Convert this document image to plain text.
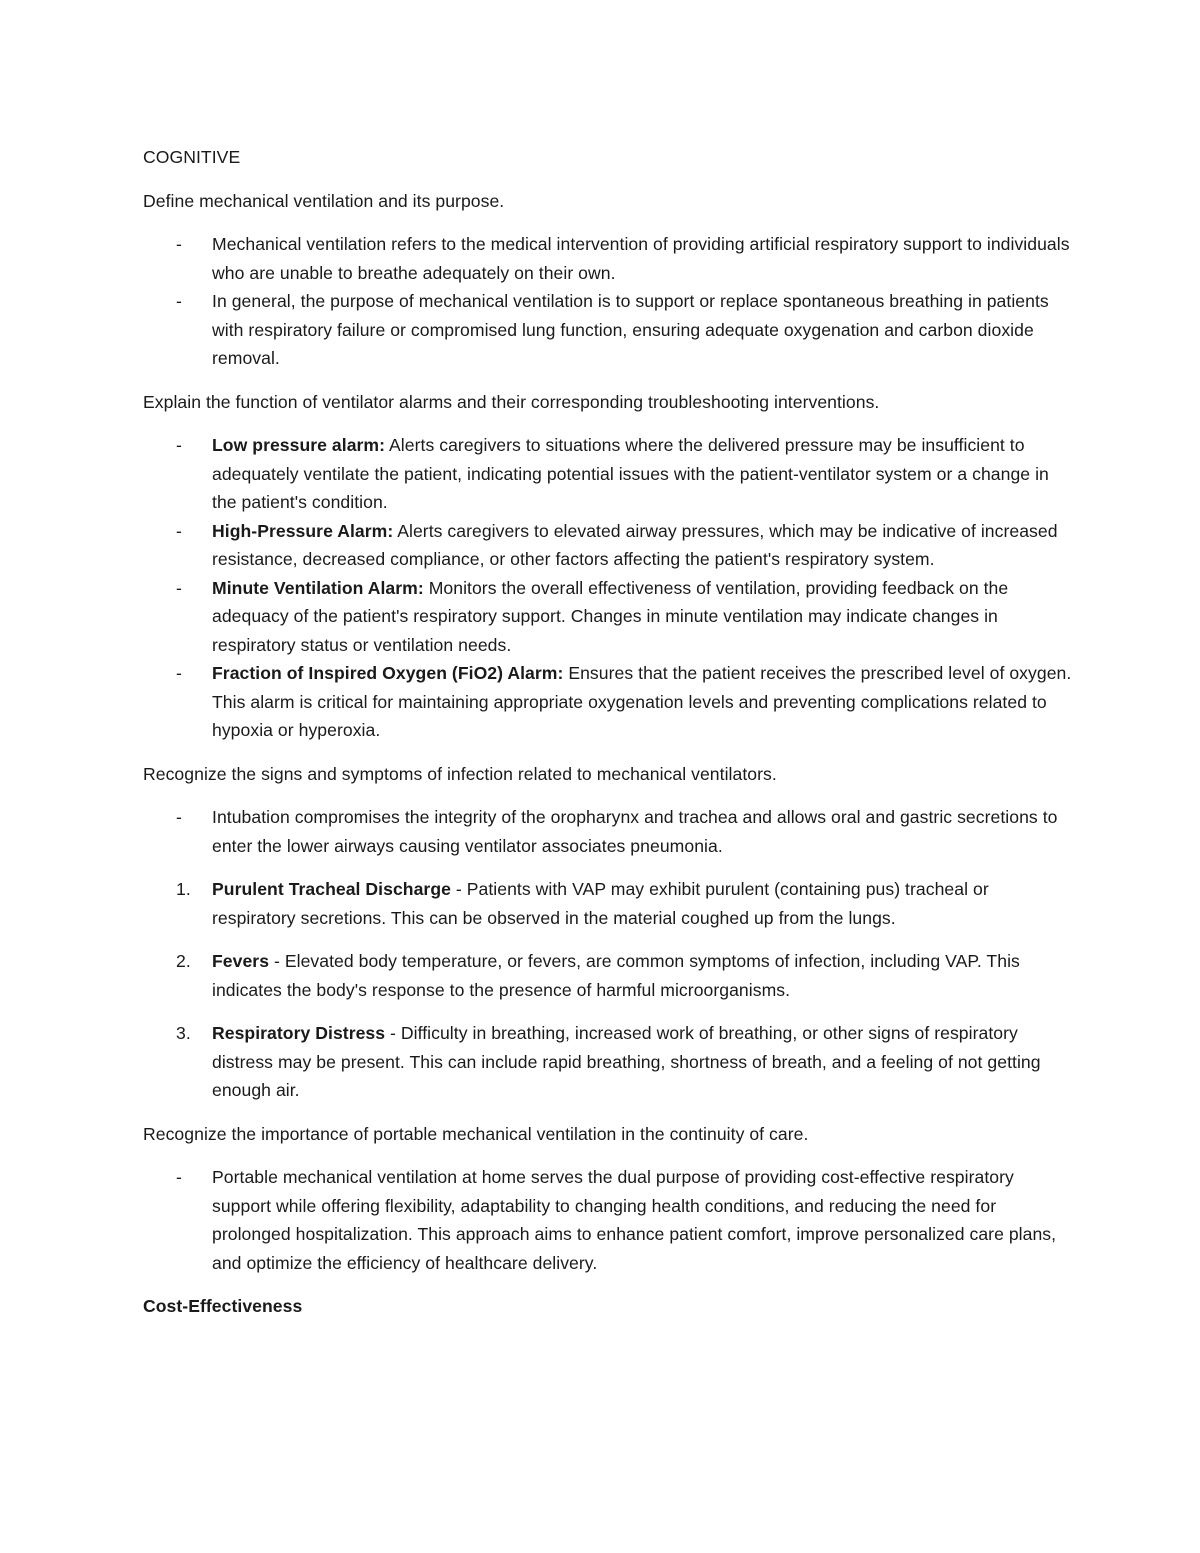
COGNITIVE

Define mechanical ventilation and its purpose.

- Mechanical ventilation refers to the medical intervention of providing artificial respiratory support to individuals who are unable to breathe adequately on their own.
- In general, the purpose of mechanical ventilation is to support or replace spontaneous breathing in patients with respiratory failure or compromised lung function, ensuring adequate oxygenation and carbon dioxide removal.

Explain the function of ventilator alarms and their corresponding troubleshooting interventions.

- Low pressure alarm: Alerts caregivers to situations where the delivered pressure may be insufficient to adequately ventilate the patient, indicating potential issues with the patient-ventilator system or a change in the patient's condition.
- High-Pressure Alarm: Alerts caregivers to elevated airway pressures, which may be indicative of increased resistance, decreased compliance, or other factors affecting the patient's respiratory system.
- Minute Ventilation Alarm: Monitors the overall effectiveness of ventilation, providing feedback on the adequacy of the patient's respiratory support. Changes in minute ventilation may indicate changes in respiratory status or ventilation needs.
- Fraction of Inspired Oxygen (FiO2) Alarm: Ensures that the patient receives the prescribed level of oxygen. This alarm is critical for maintaining appropriate oxygenation levels and preventing complications related to hypoxia or hyperoxia.

Recognize the signs and symptoms of infection related to mechanical ventilators.

- Intubation compromises the integrity of the oropharynx and trachea and allows oral and gastric secretions to enter the lower airways causing ventilator associates pneumonia.
1. Purulent Tracheal Discharge - Patients with VAP may exhibit purulent (containing pus) tracheal or respiratory secretions. This can be observed in the material coughed up from the lungs.
2. Fevers - Elevated body temperature, or fevers, are common symptoms of infection, including VAP. This indicates the body's response to the presence of harmful microorganisms.
3. Respiratory Distress - Difficulty in breathing, increased work of breathing, or other signs of respiratory distress may be present. This can include rapid breathing, shortness of breath, and a feeling of not getting enough air.

Recognize the importance of portable mechanical ventilation in the continuity of care.

- Portable mechanical ventilation at home serves the dual purpose of providing cost-effective respiratory support while offering flexibility, adaptability to changing health conditions, and reducing the need for prolonged hospitalization. This approach aims to enhance patient comfort, improve personalized care plans, and optimize the efficiency of healthcare delivery.

Cost-Effectiveness
